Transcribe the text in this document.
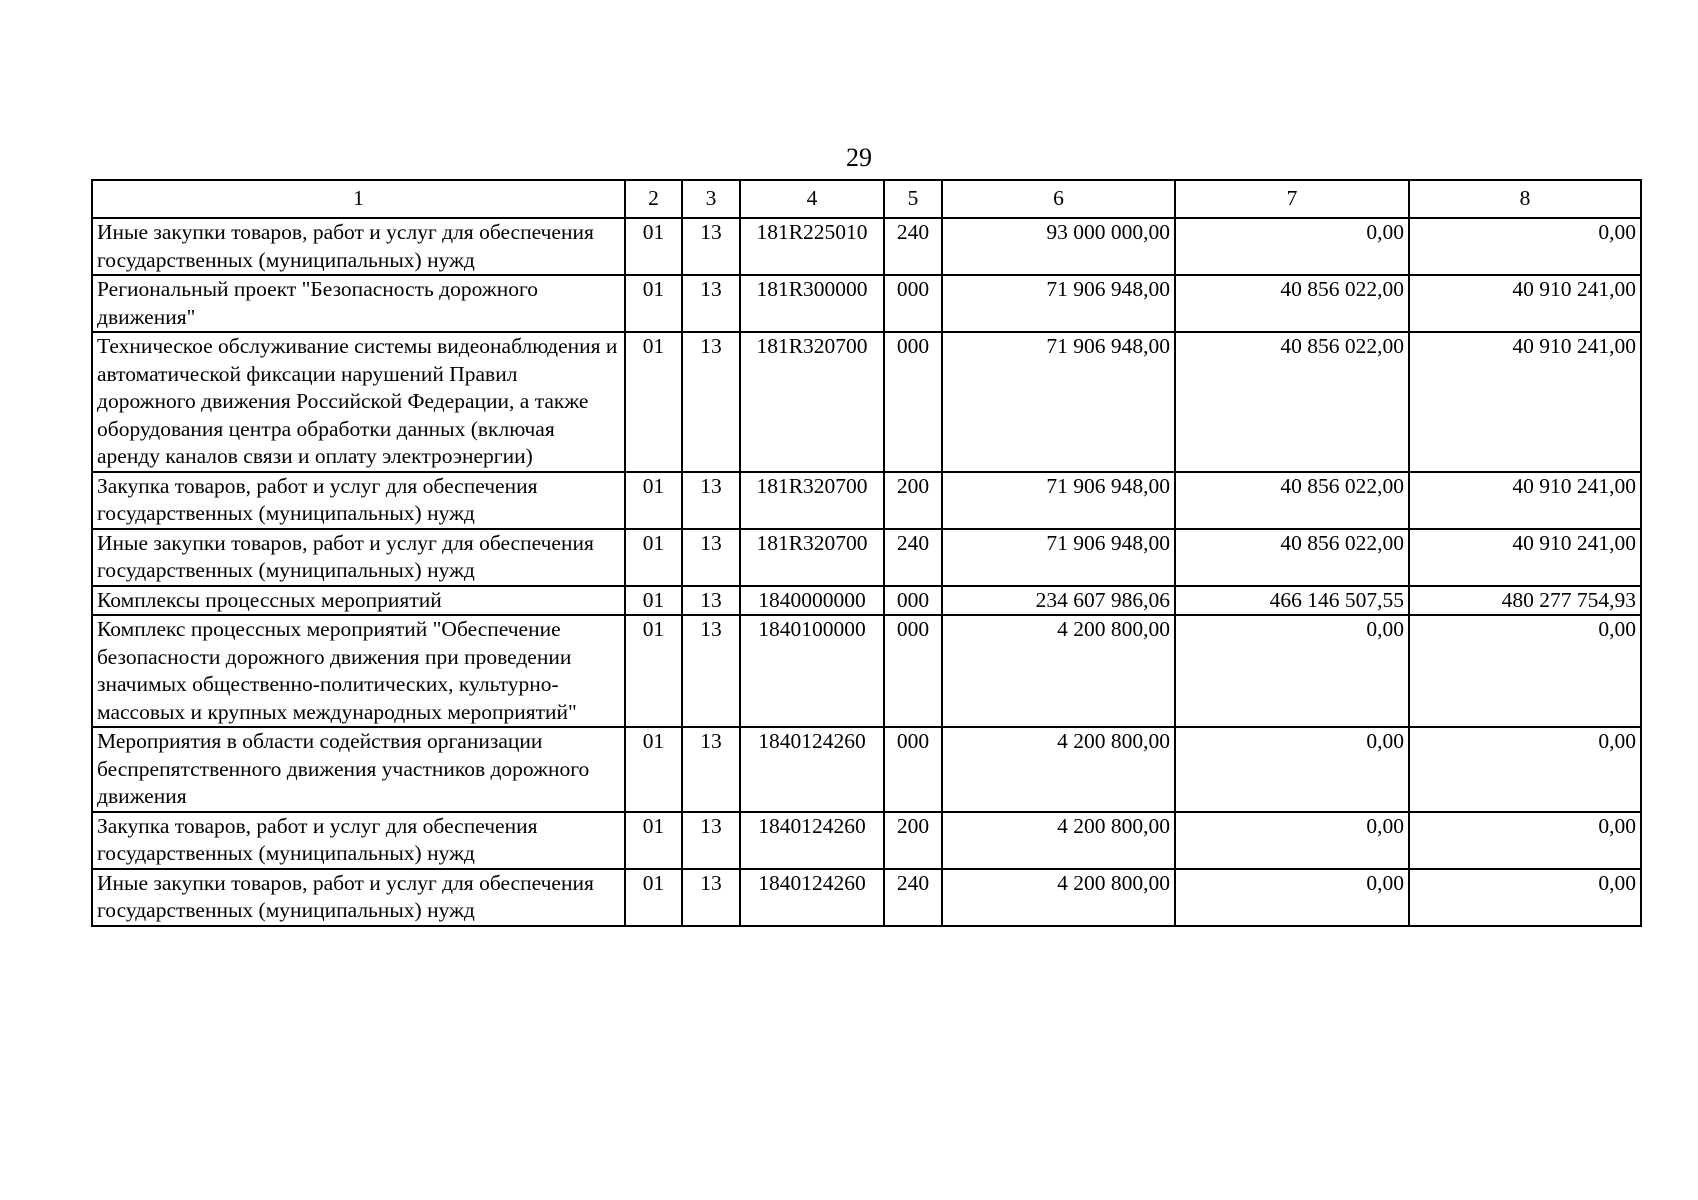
29
1	2	3	4	5	6	7	8
Иные закупки товаров, работ и услуг для обеспечения государственных (муниципальных) нужд	01	13	181R225010	240	93 000 000,00	0,00	0,00
Региональный проект "Безопасность дорожного движения"	01	13	181R300000	000	71 906 948,00	40 856 022,00	40 910 241,00
Техническое обслуживание системы видеонаблюдения и автоматической фиксации нарушений Правил дорожного движения Российской Федерации, а также оборудования центра обработки данных (включая аренду каналов связи и оплату электроэнергии)	01	13	181R320700	000	71 906 948,00	40 856 022,00	40 910 241,00
Закупка товаров, работ и услуг для обеспечения государственных (муниципальных) нужд	01	13	181R320700	200	71 906 948,00	40 856 022,00	40 910 241,00
Иные закупки товаров, работ и услуг для обеспечения государственных (муниципальных) нужд	01	13	181R320700	240	71 906 948,00	40 856 022,00	40 910 241,00
Комплексы процессных мероприятий	01	13	1840000000	000	234 607 986,06	466 146 507,55	480 277 754,93
Комплекс процессных мероприятий "Обеспечение безопасности дорожного движения при проведении значимых общественно-политических, культурно-массовых и крупных международных мероприятий"	01	13	1840100000	000	4 200 800,00	0,00	0,00
Мероприятия в области содействия организации беспрепятственного движения участников дорожного движения	01	13	1840124260	000	4 200 800,00	0,00	0,00
Закупка товаров, работ и услуг для обеспечения государственных (муниципальных) нужд	01	13	1840124260	200	4 200 800,00	0,00	0,00
Иные закупки товаров, работ и услуг для обеспечения государственных (муниципальных) нужд	01	13	1840124260	240	4 200 800,00	0,00	0,00
